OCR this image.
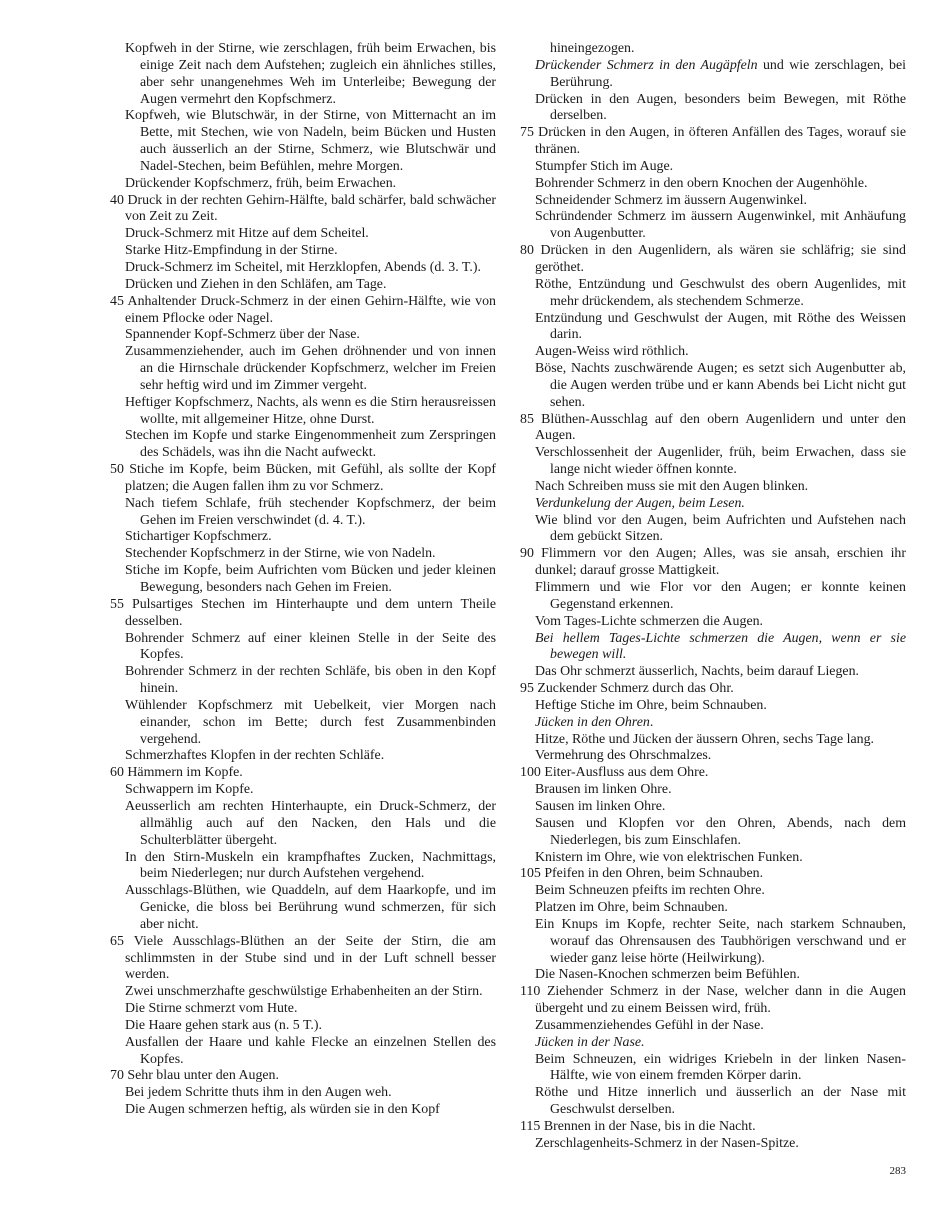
Kopfweh in der Stirne, wie zerschlagen, früh beim Erwachen, bis einige Zeit nach dem Aufstehen; zugleich ein ähnliches stilles, aber sehr unangenehmes Weh im Unterleibe; Bewegung der Augen vermehrt den Kopfschmerz.

Kopfweh, wie Blutschwär, in der Stirne, von Mitternacht an im Bette, mit Stechen, wie von Nadeln, beim Bücken und Husten auch äusserlich an der Stirne, Schmerz, wie Blutschwär und Nadel-Stechen, beim Befühlen, mehre Morgen.

Drückender Kopfschmerz, früh, beim Erwachen.

40 Druck in der rechten Gehirn-Hälfte, bald schärfer, bald schwächer von Zeit zu Zeit.

Druck-Schmerz mit Hitze auf dem Scheitel.

Starke Hitz-Empfindung in der Stirne.

Druck-Schmerz im Scheitel, mit Herzklopfen, Abends (d. 3. T.).

Drücken und Ziehen in den Schläfen, am Tage.

45 Anhaltender Druck-Schmerz in der einen Gehirn-Hälfte, wie von einem Pflocke oder Nagel.

Spannender Kopf-Schmerz über der Nase.

Zusammenziehender, auch im Gehen dröhnender und von innen an die Hirnschale drückender Kopfschmerz, welcher im Freien sehr heftig wird und im Zimmer vergeht.

Heftiger Kopfschmerz, Nachts, als wenn es die Stirn herausreissen wollte, mit allgemeiner Hitze, ohne Durst.

Stechen im Kopfe und starke Eingenommenheit zum Zerspringen des Schädels, was ihn die Nacht aufweckt.

50 Stiche im Kopfe, beim Bücken, mit Gefühl, als sollte der Kopf platzen; die Augen fallen ihm zu vor Schmerz.

Nach tiefem Schlafe, früh stechender Kopfschmerz, der beim Gehen im Freien verschwindet (d. 4. T.).

Stichartiger Kopfschmerz.

Stechender Kopfschmerz in der Stirne, wie von Nadeln.

Stiche im Kopfe, beim Aufrichten vom Bücken und jeder kleinen Bewegung, besonders nach Gehen im Freien.

55 Pulsartiges Stechen im Hinterhaupte und dem untern Theile desselben.

Bohrender Schmerz auf einer kleinen Stelle in der Seite des Kopfes.

Bohrender Schmerz in der rechten Schläfe, bis oben in den Kopf hinein.

Wühlender Kopfschmerz mit Uebelkeit, vier Morgen nach einander, schon im Bette; durch fest Zusammenbinden vergehend.

Schmerzhaftes Klopfen in der rechten Schläfe.

60 Hämmern im Kopfe.

Schwappern im Kopfe.

Aeusserlich am rechten Hinterhaupte, ein Druck-Schmerz, der allmählig auch auf den Nacken, den Hals und die Schulterblätter übergeht.

In den Stirn-Muskeln ein krampfhaftes Zucken, Nachmittags, beim Niederlegen; nur durch Aufstehen vergehend.

Ausschlags-Blüthen, wie Quaddeln, auf dem Haarkopfe, und im Genicke, die bloss bei Berührung wund schmerzen, für sich aber nicht.

65 Viele Ausschlags-Blüthen an der Seite der Stirn, die am schlimmsten in der Stube sind und in der Luft schnell besser werden.

Zwei unschmerzhafte geschwülstige Erhabenheiten an der Stirn.

Die Stirne schmerzt vom Hute.

Die Haare gehen stark aus (n. 5 T.).

Ausfallen der Haare und kahle Flecke an einzelnen Stellen des Kopfes.

70 Sehr blau unter den Augen.

Bei jedem Schritte thuts ihm in den Augen weh.

Die Augen schmerzen heftig, als würden sie in den Kopf

hineingezogen.

Drückender Schmerz in den Augäpfeln und wie zerschlagen, bei Berührung.

Drücken in den Augen, besonders beim Bewegen, mit Röthe derselben.

75 Drücken in den Augen, in öfteren Anfällen des Tages, worauf sie thränen.

Stumpfer Stich im Auge.

Bohrender Schmerz in den obern Knochen der Augenhöhle.

Schneidender Schmerz im äussern Augenwinkel.

Schründender Schmerz im äussern Augenwinkel, mit Anhäufung von Augenbutter.

80 Drücken in den Augenlidern, als wären sie schläfrig; sie sind geröthet.

Röthe, Entzündung und Geschwulst des obern Augenlides, mit mehr drückendem, als stechendem Schmerze.

Entzündung und Geschwulst der Augen, mit Röthe des Weissen darin.

Augen-Weiss wird röthlich.

Böse, Nachts zuschwärende Augen; es setzt sich Augenbutter ab, die Augen werden trübe und er kann Abends bei Licht nicht gut sehen.

85 Blüthen-Ausschlag auf den obern Augenlidern und unter den Augen.

Verschlossenheit der Augenlider, früh, beim Erwachen, dass sie lange nicht wieder öffnen konnte.

Nach Schreiben muss sie mit den Augen blinken.

Verdunkelung der Augen, beim Lesen.

Wie blind vor den Augen, beim Aufrichten und Aufstehen nach dem gebückt Sitzen.

90 Flimmern vor den Augen; Alles, was sie ansah, erschien ihr dunkel; darauf grosse Mattigkeit.

Flimmern und wie Flor vor den Augen; er konnte keinen Gegenstand erkennen.

Vom Tages-Lichte schmerzen die Augen.

Bei hellem Tages-Lichte schmerzen die Augen, wenn er sie bewegen will.

Das Ohr schmerzt äusserlich, Nachts, beim darauf Liegen.

95 Zuckender Schmerz durch das Ohr.

Heftige Stiche im Ohre, beim Schnauben.

Jücken in den Ohren.

Hitze, Röthe und Jücken der äussern Ohren, sechs Tage lang.

Vermehrung des Ohrschmalzes.

100 Eiter-Ausfluss aus dem Ohre.

Brausen im linken Ohre.

Sausen im linken Ohre.

Sausen und Klopfen vor den Ohren, Abends, nach dem Niederlegen, bis zum Einschlafen.

Knistern im Ohre, wie von elektrischen Funken.

105 Pfeifen in den Ohren, beim Schnauben.

Beim Schneuzen pfeifts im rechten Ohre.

Platzen im Ohre, beim Schnauben.

Ein Knups im Kopfe, rechter Seite, nach starkem Schnauben, worauf das Ohrensausen des Taubhörigen verschwand und er wieder ganz leise hörte (Heilwirkung).

Die Nasen-Knochen schmerzen beim Befühlen.

110 Ziehender Schmerz in der Nase, welcher dann in die Augen übergeht und zu einem Beissen wird, früh.

Zusammenziehendes Gefühl in der Nase.

Jücken in der Nase.

Beim Schneuzen, ein widriges Kriebeln in der linken Nasen-Hälfte, wie von einem fremden Körper darin.

Röthe und Hitze innerlich und äusserlich an der Nase mit Geschwulst derselben.

115 Brennen in der Nase, bis in die Nacht.

Zerschlagenheits-Schmerz in der Nasen-Spitze.

283
